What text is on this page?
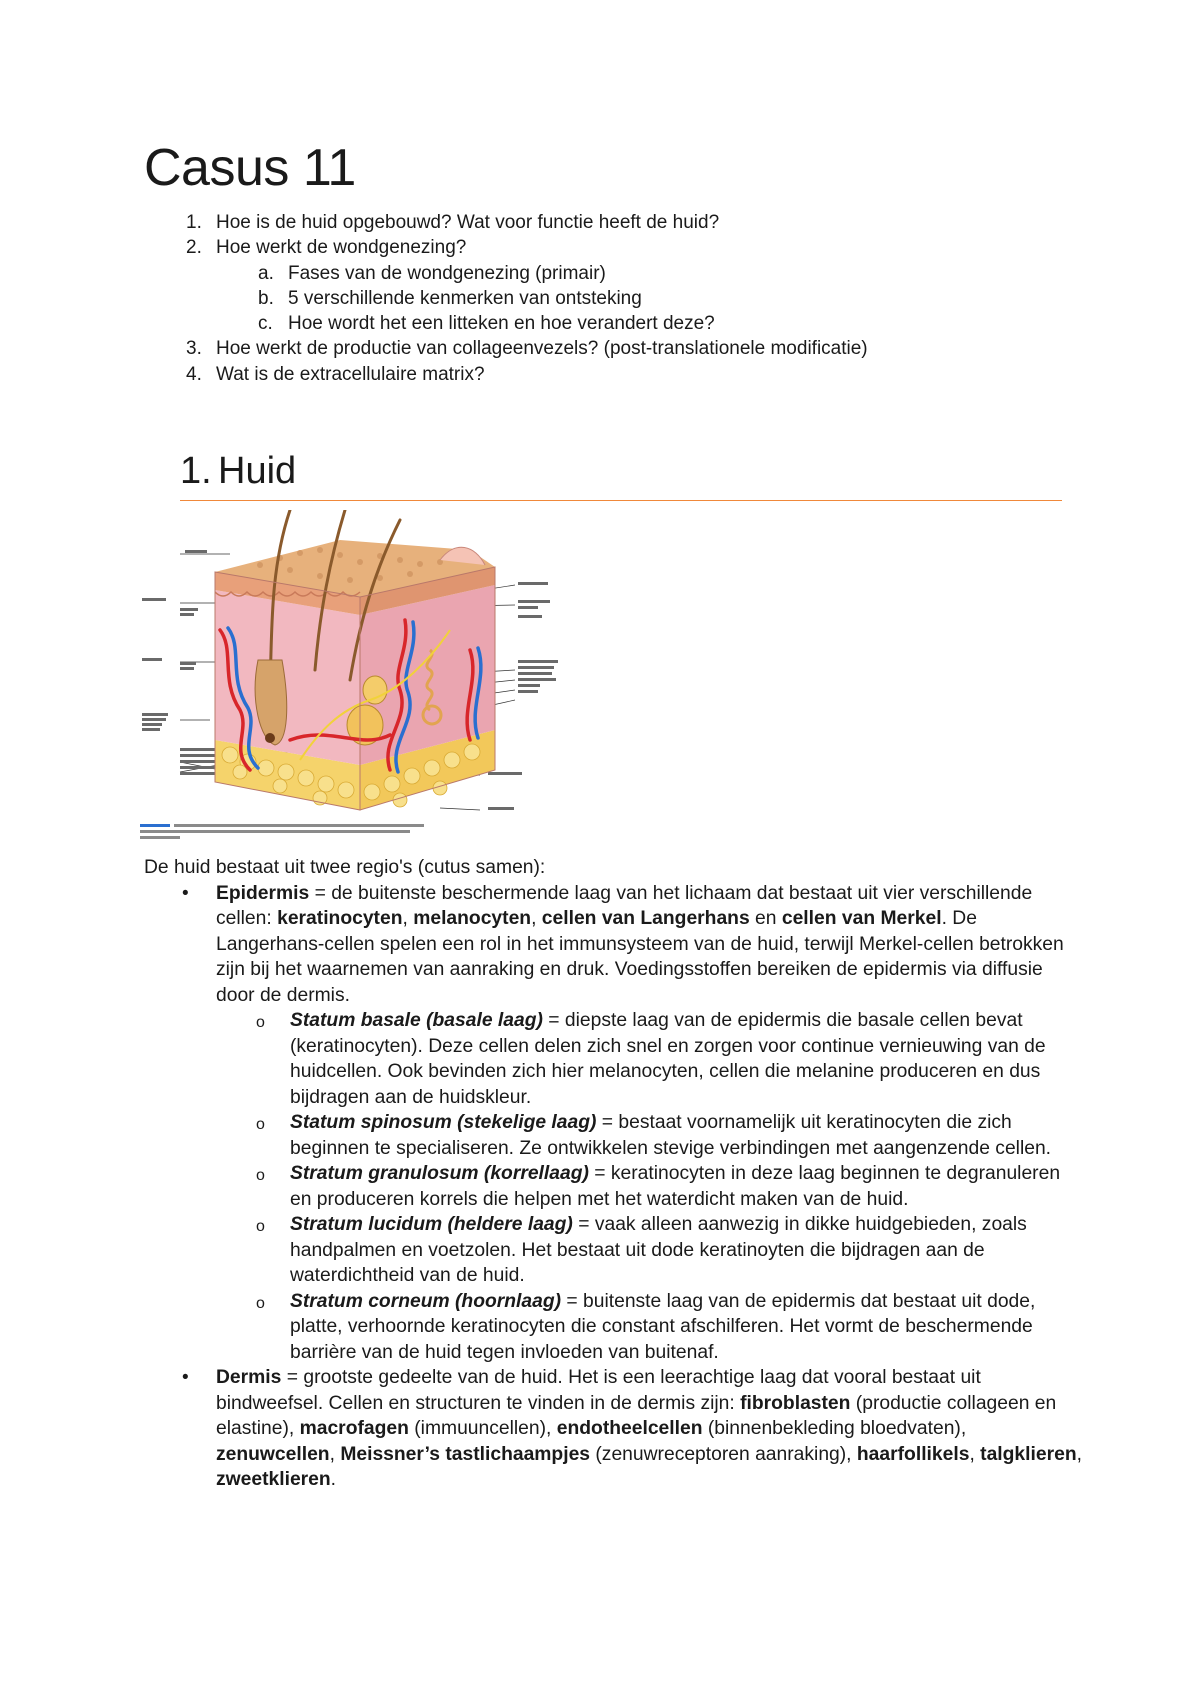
Casus 11
1. Hoe is de huid opgebouwd? Wat voor functie heeft de huid?
2. Hoe werkt de wondgenezing?
a. Fases van de wondgenezing (primair)
b. 5 verschillende kenmerken van ontsteking
c. Hoe wordt het een litteken en hoe verandert deze?
3. Hoe werkt de productie van collageenvezels? (post-translationele modificatie)
4. Wat is de extracellulaire matrix?
1. Huid

De huid bestaat uit twee regio's (cutus samen):

• Epidermis = de buitenste beschermende laag van het lichaam dat bestaat uit vier verschillende cellen: keratinocyten, melanocyten, cellen van Langerhans en cellen van Merkel. De Langerhans-cellen spelen een rol in het immunsysteem van de huid, terwijl Merkel-cellen betrokken zijn bij het waarnemen van aanraking en druk. Voedingsstoffen bereiken de epidermis via diffusie door de dermis.
o Statum basale (basale laag) = diepste laag van de epidermis die basale cellen bevat (keratinocyten). Deze cellen delen zich snel en zorgen voor continue vernieuwing van de huidcellen. Ook bevinden zich hier melanocyten, cellen die melanine produceren en dus bijdragen aan de huidskleur.
o Statum spinosum (stekelige laag) = bestaat voornamelijk uit keratinocyten die zich beginnen te specialiseren. Ze ontwikkelen stevige verbindingen met aangenzende cellen.
o Stratum granulosum (korrellaag) = keratinocyten in deze laag beginnen te degranuleren en produceren korrels die helpen met het waterdicht maken van de huid.
o Stratum lucidum (heldere laag) = vaak alleen aanwezig in dikke huidgebieden, zoals handpalmen en voetzolen. Het bestaat uit dode keratinoyten die bijdragen aan de waterdichtheid van de huid.
o Stratum corneum (hoornlaag) = buitenste laag van de epidermis dat bestaat uit dode, platte, verhoornde keratinocyten die constant afschilferen. Het vormt de beschermende barrière van de huid tegen invloeden van buitenaf.
• Dermis = grootste gedeelte van de huid. Het is een leerachtige laag dat vooral bestaat uit bindweefsel. Cellen en structuren te vinden in de dermis zijn: fibroblasten (productie collageen en elastine), macrofagen (immuuncellen), endotheelcellen (binnenbekleding bloedvaten), zenuwcellen, Meissner’s tastlichaampjes (zenuwreceptoren aanraking), haarfollikels, talgklieren, zweetklieren.
